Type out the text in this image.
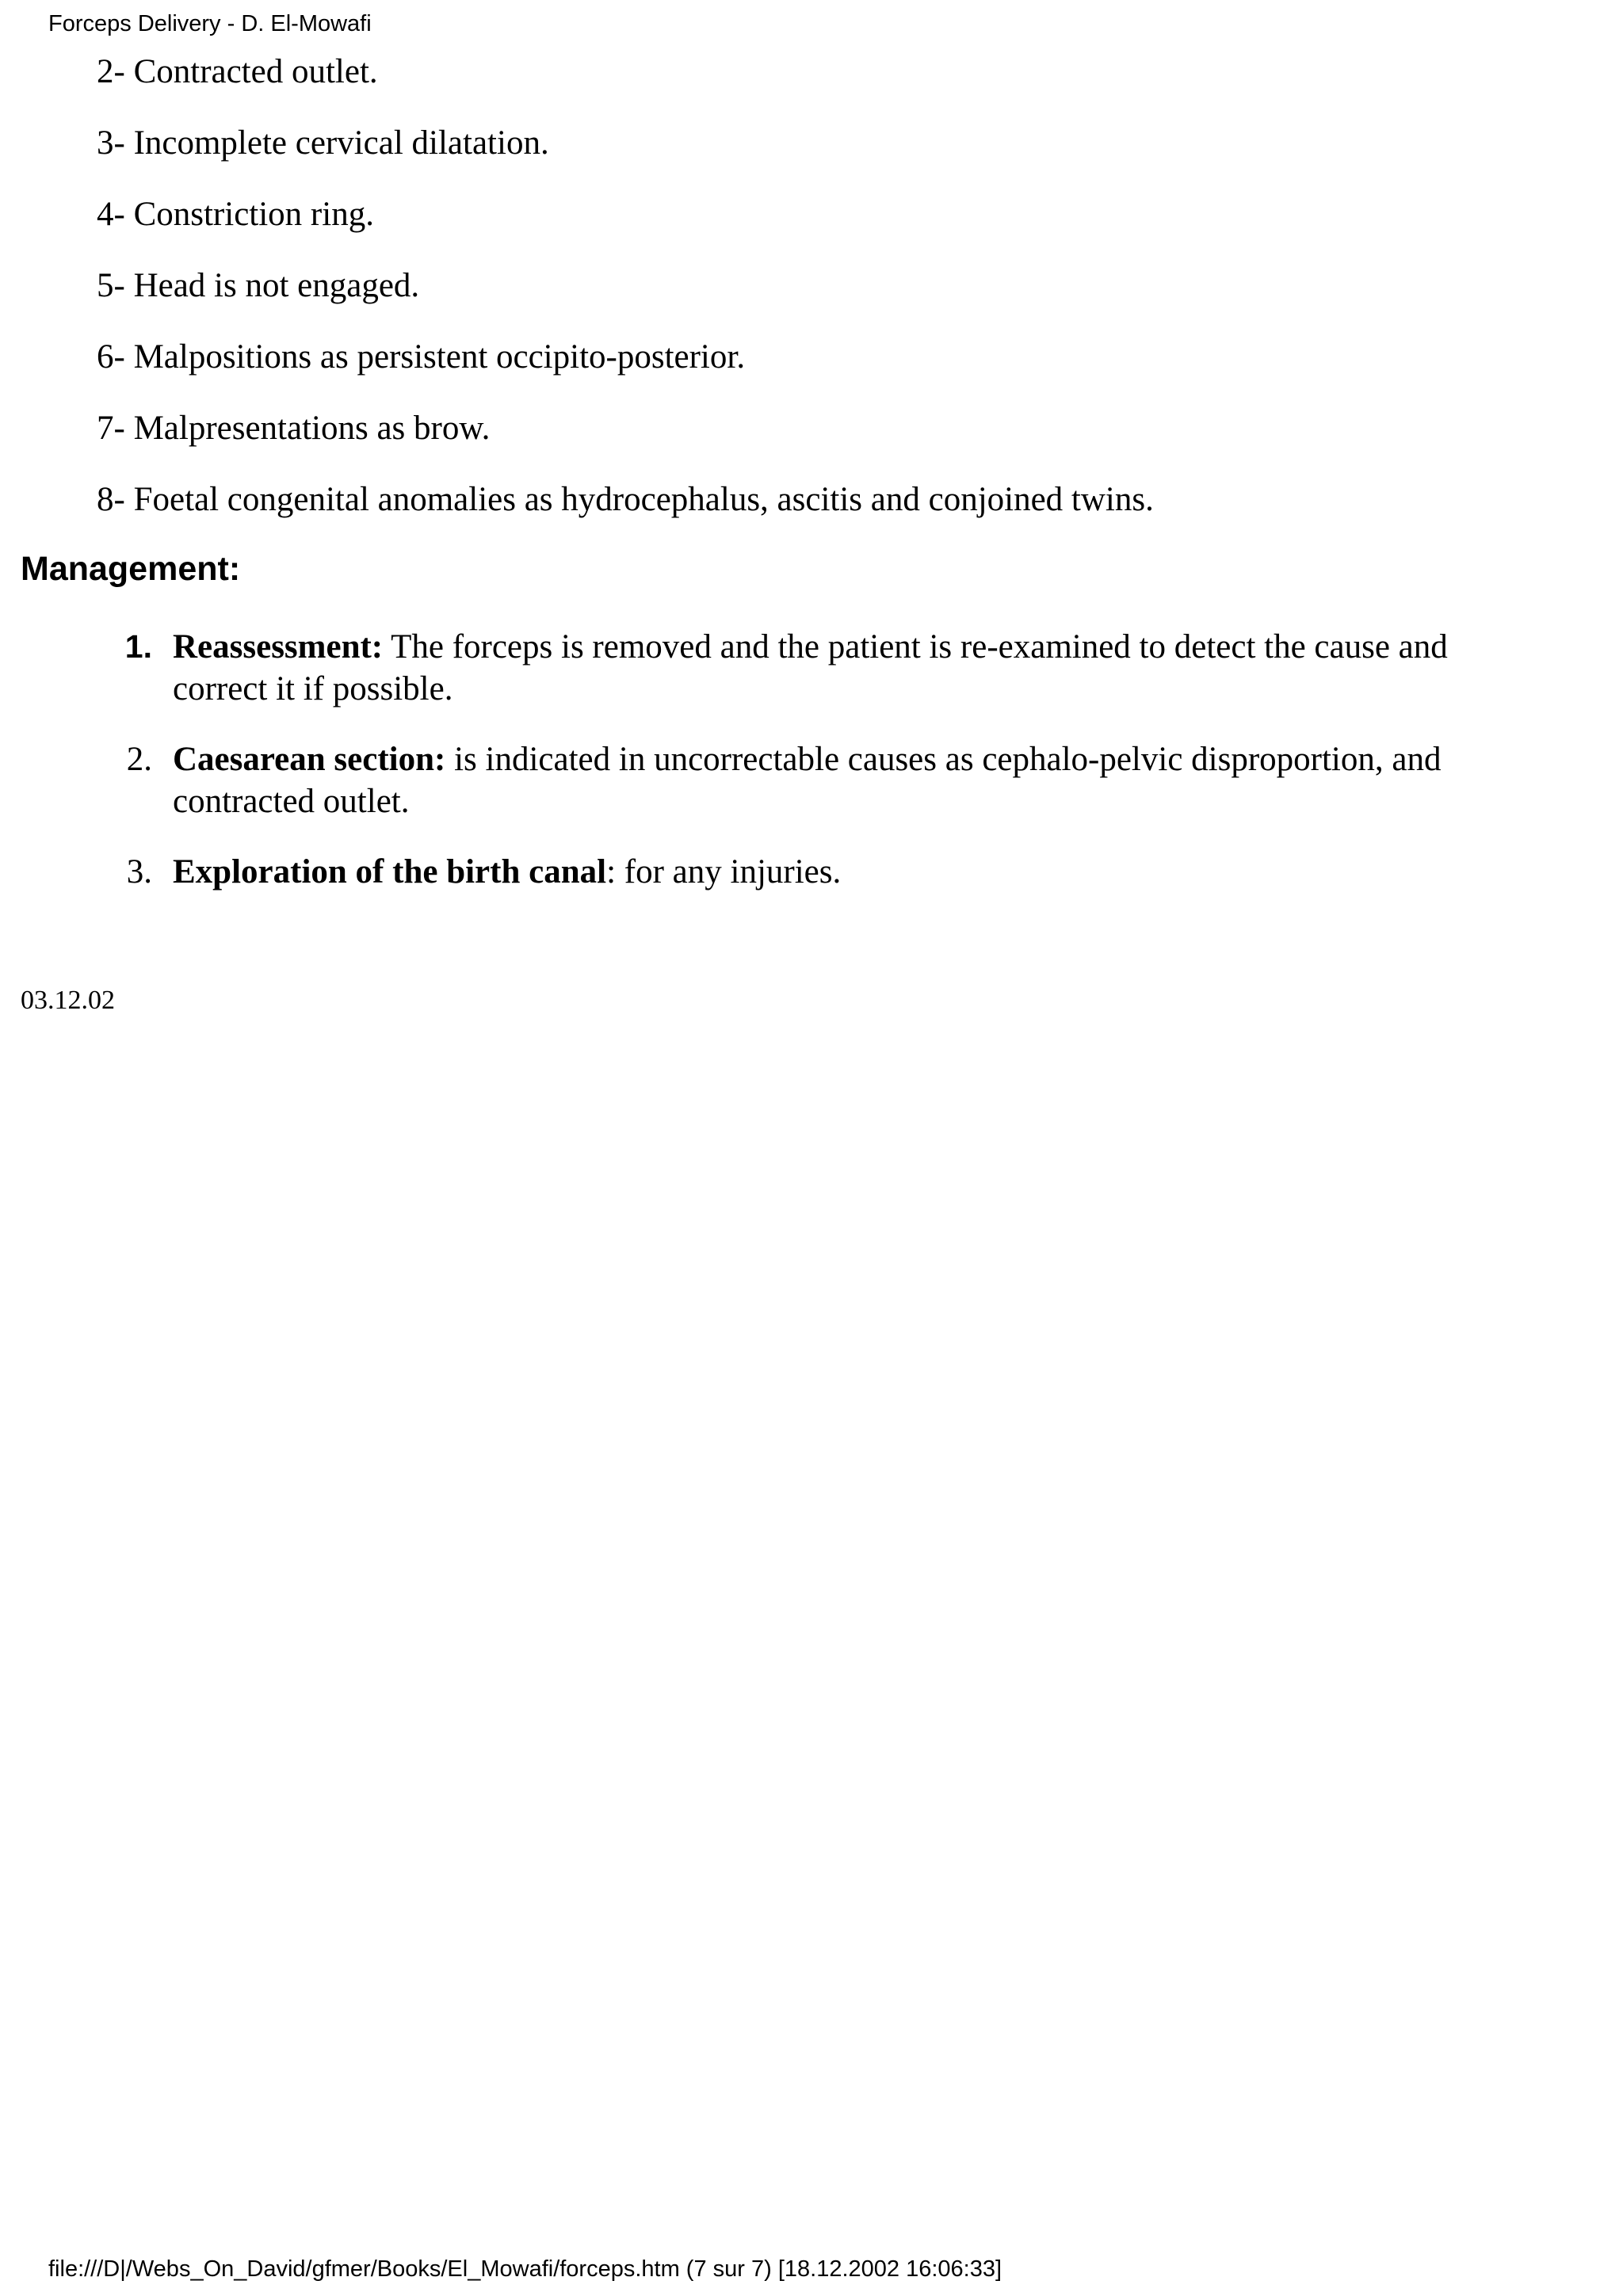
Forceps Delivery - D. El-Mowafi
2- Contracted outlet.
3- Incomplete cervical dilatation.
4- Constriction ring.
5- Head is not engaged.
6- Malpositions as persistent occipito-posterior.
7- Malpresentations as brow.
8- Foetal congenital anomalies as hydrocephalus, ascitis and conjoined twins.
Management:
1. Reassessment: The forceps is removed and the patient is re-examined to detect the cause and correct it if possible.
2. Caesarean section: is indicated in uncorrectable causes as cephalo-pelvic disproportion, and contracted outlet.
3. Exploration of the birth canal: for any injuries.
03.12.02
file:///D|/Webs_On_David/gfmer/Books/El_Mowafi/forceps.htm (7 sur 7) [18.12.2002 16:06:33]
